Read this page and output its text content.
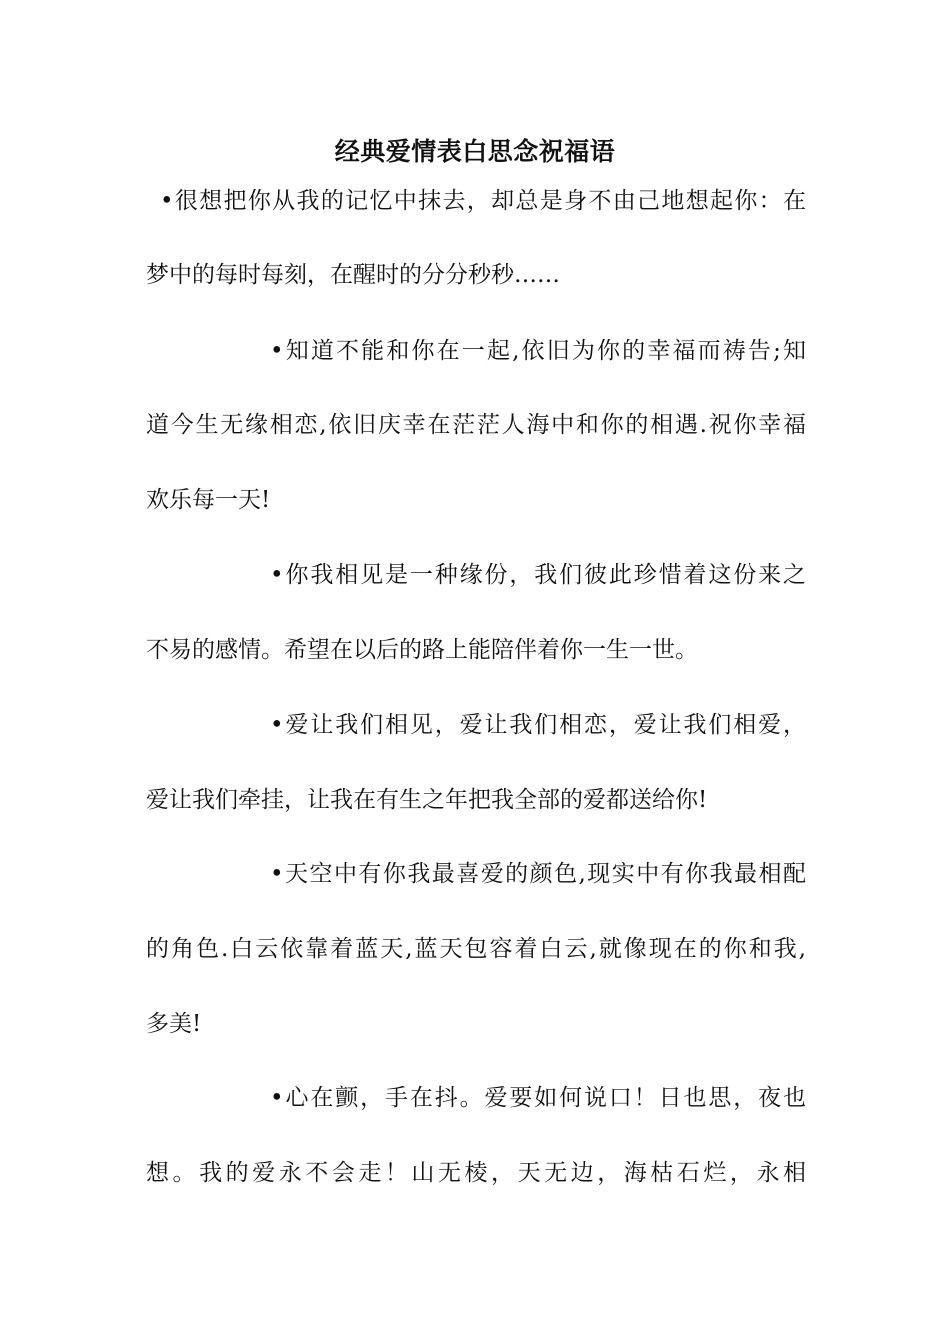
经典爱情表白思念祝福语
•很想把你从我的记忆中抹去，却总是身不由己地想起你：在
梦中的每时每刻，在醒时的分分秒秒……
•知道不能和你在一起,依旧为你的幸福而祷告;知
道今生无缘相恋,依旧庆幸在茫茫人海中和你的相遇.祝你幸福
欢乐每一天!
•你我相见是一种缘份，我们彼此珍惜着这份来之
不易的感情。希望在以后的路上能陪伴着你一生一世。
•爱让我们相见，爱让我们相恋，爱让我们相爱，
爱让我们牵挂，让我在有生之年把我全部的爱都送给你!
•天空中有你我最喜爱的颜色,现实中有你我最相配
的角色.白云依靠着蓝天,蓝天包容着白云,就像现在的你和我,
多美!
•心在颤，手在抖。爱要如何说口！日也思，夜也
想。我的爱永不会走！山无棱，天无边，海枯石烂，永相
